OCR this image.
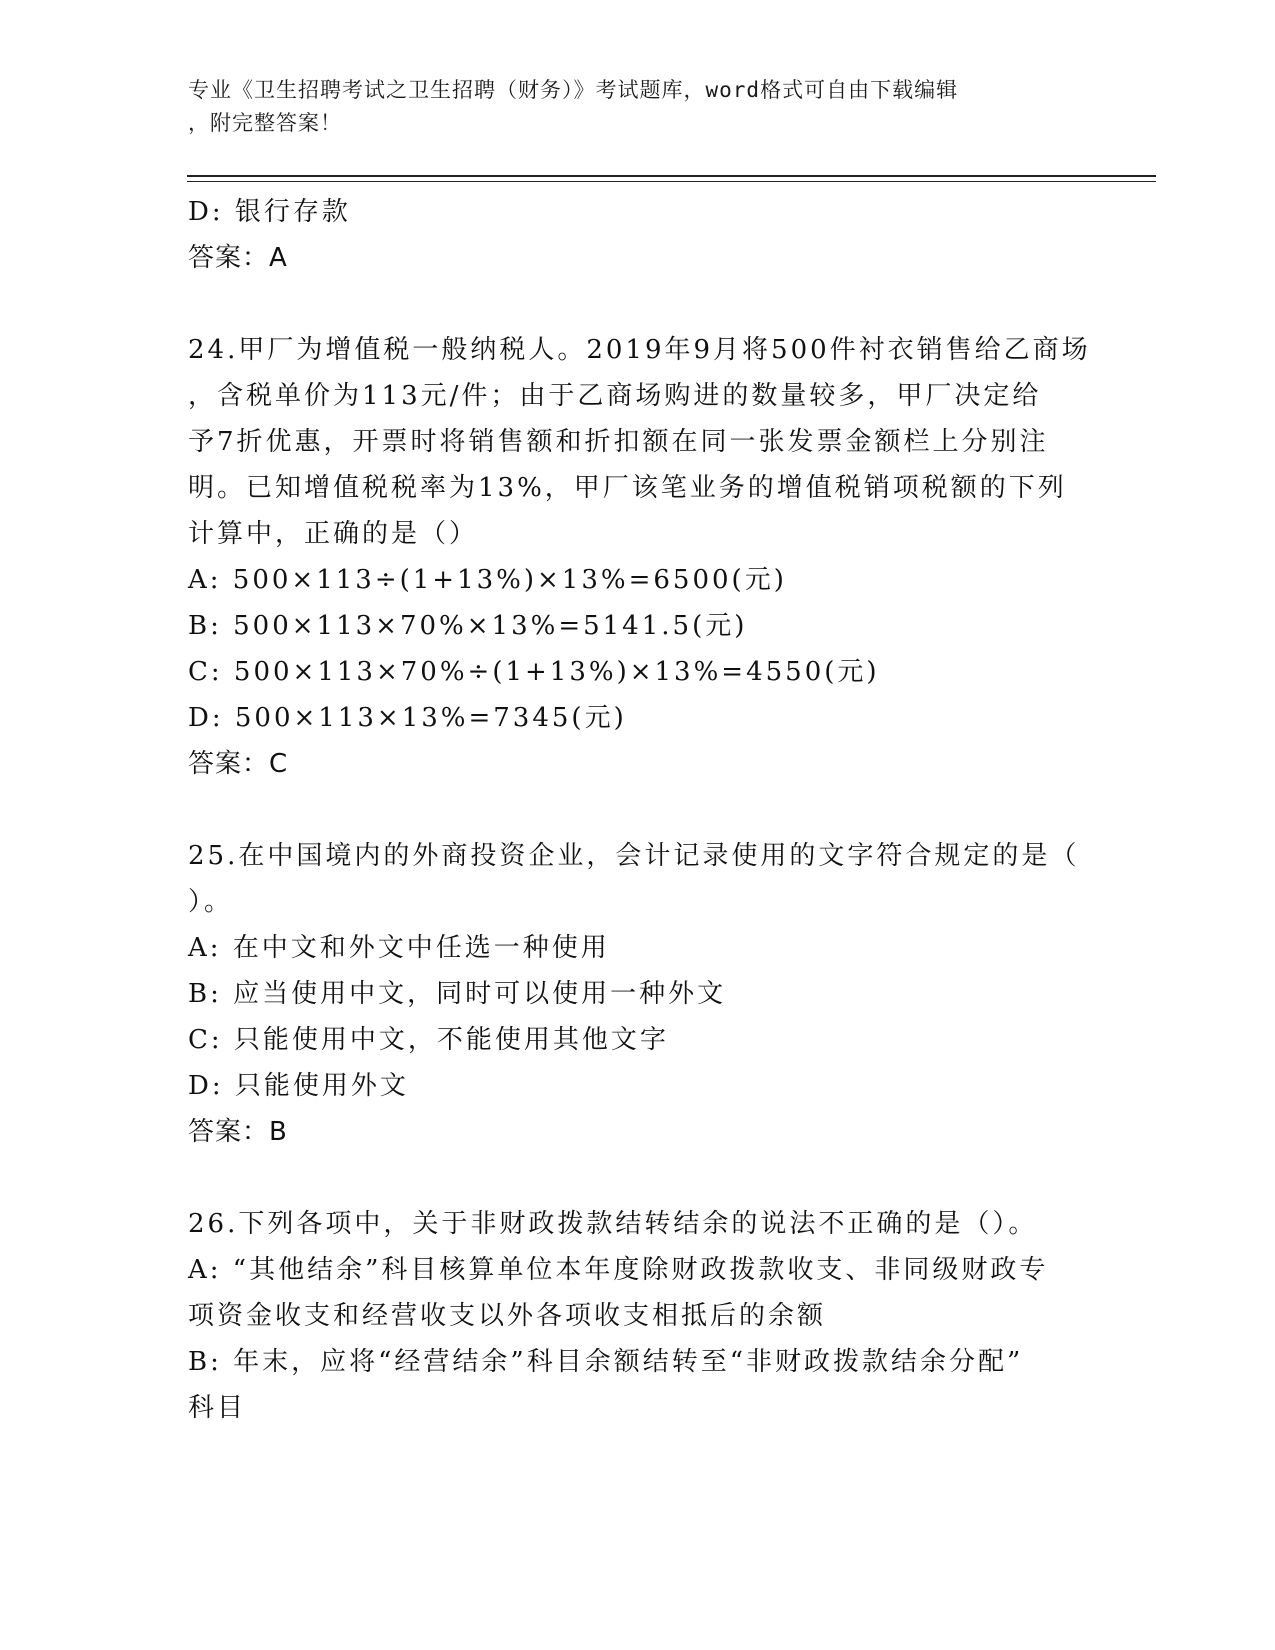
专业《卫生招聘考试之卫生招聘（财务）》考试题库，word格式可自由下载编辑
，附完整答案！
D: 银行存款
答案：A
24.甲厂为增值税一般纳税人。2019年9月将500件衬衣销售给乙商场
，含税单价为113元/件；由于乙商场购进的数量较多，甲厂决定给
予7折优惠，开票时将销售额和折扣额在同一张发票金额栏上分别注
明。已知增值税税率为13%，甲厂该笔业务的增值税销项税额的下列
计算中，正确的是（）
A: 500×113÷(1+13%)×13%=6500(元)
B: 500×113×70%×13%=5141.5(元)
C: 500×113×70%÷(1+13%)×13%=4550(元)
D: 500×113×13%=7345(元)
答案：C
25.在中国境内的外商投资企业，会计记录使用的文字符合规定的是（
）。
A: 在中文和外文中任选一种使用
B: 应当使用中文，同时可以使用一种外文
C: 只能使用中文，不能使用其他文字
D: 只能使用外文
答案：B
26.下列各项中，关于非财政拨款结转结余的说法不正确的是（）。
A: “其他结余”科目核算单位本年度除财政拨款收支、非同级财政专
项资金收支和经营收支以外各项收支相抵后的余额
B: 年末，应将“经营结余”科目余额结转至“非财政拨款结余分配”
科目
